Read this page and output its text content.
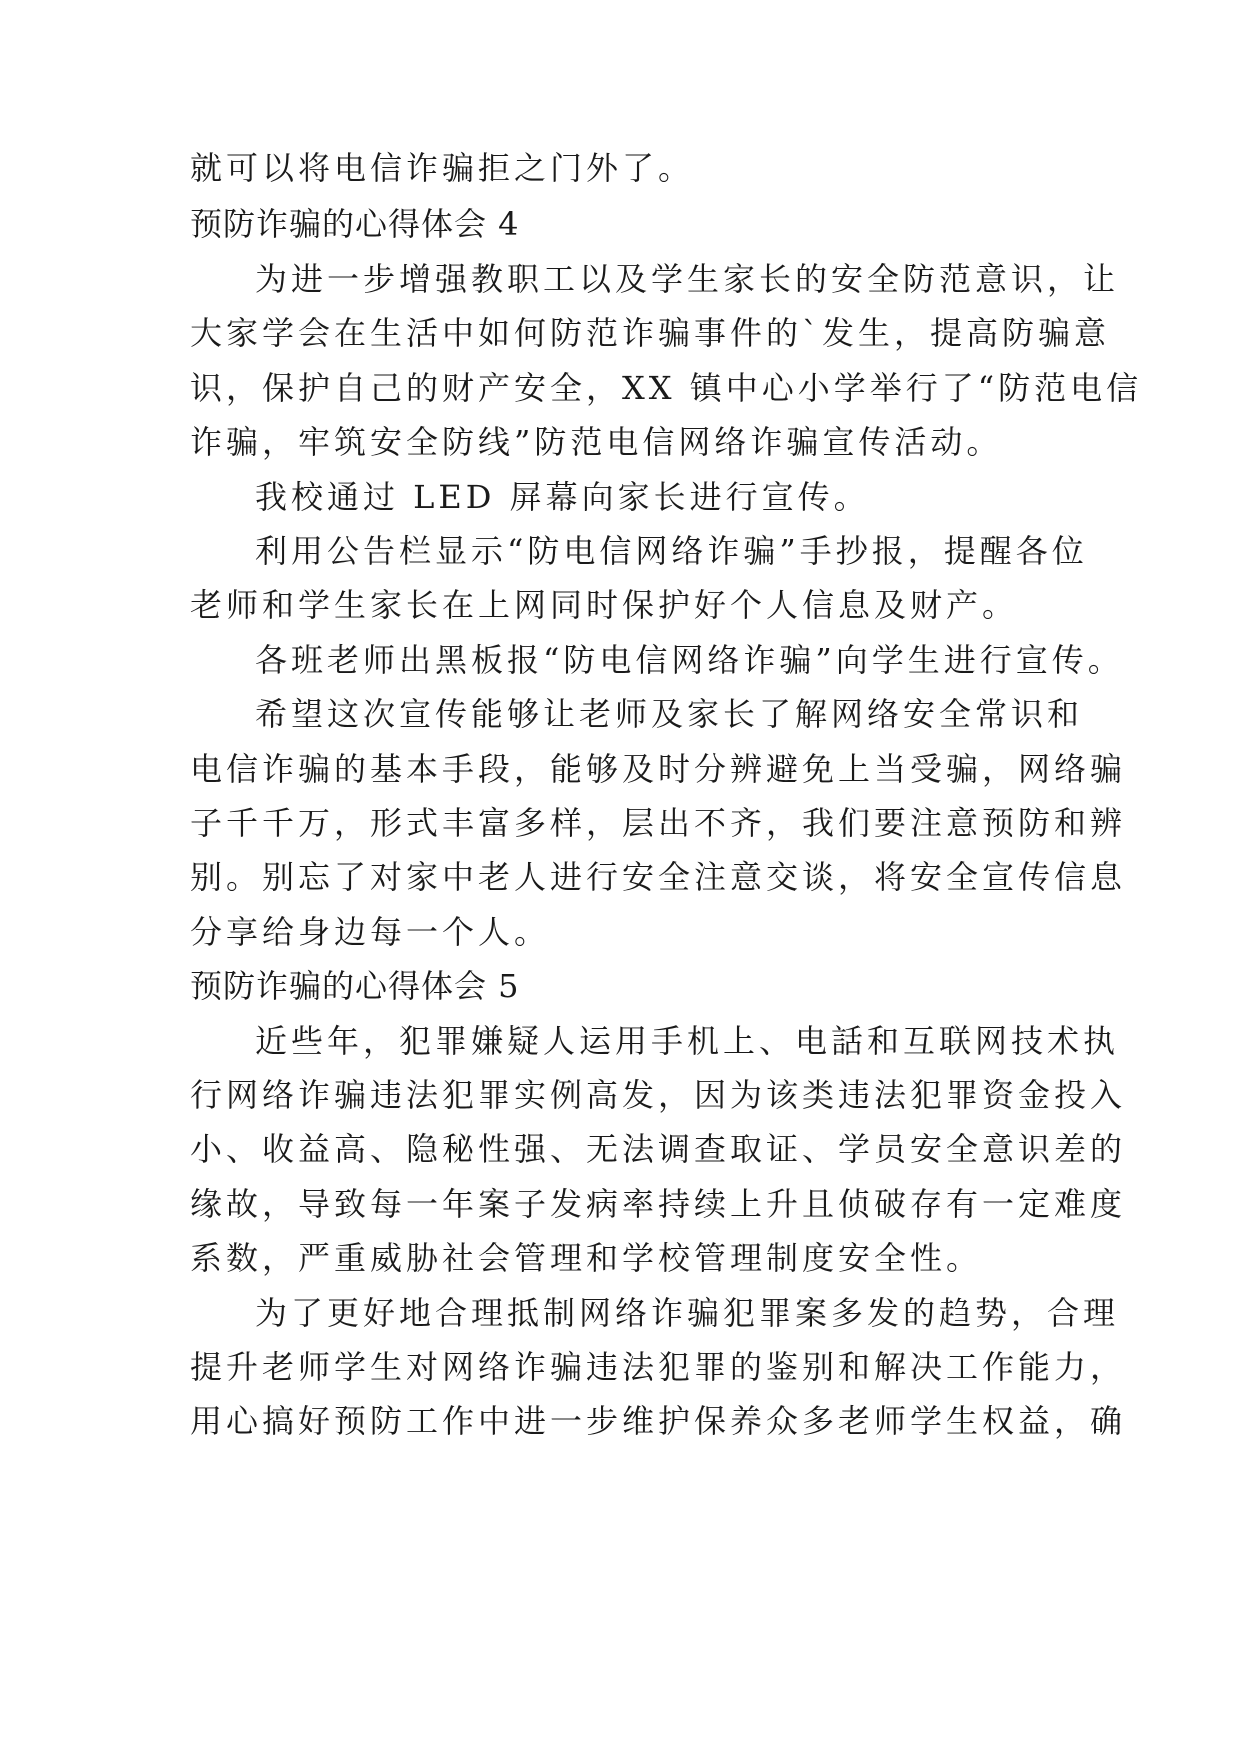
就可以将电信诈骗拒之门外了。
预防诈骗的心得体会 4
为进一步增强教职工以及学生家长的安全防范意识，让
大家学会在生活中如何防范诈骗事件的`发生，提高防骗意
识，保护自己的财产安全，XX 镇中心小学举行了“防范电信
诈骗，牢筑安全防线”防范电信网络诈骗宣传活动。
我校通过 LED 屏幕向家长进行宣传。
利用公告栏显示“防电信网络诈骗”手抄报，提醒各位
老师和学生家长在上网同时保护好个人信息及财产。
各班老师出黑板报“防电信网络诈骗”向学生进行宣传。
希望这次宣传能够让老师及家长了解网络安全常识和
电信诈骗的基本手段，能够及时分辨避免上当受骗，网络骗
子千千万，形式丰富多样，层出不齐，我们要注意预防和辨
别。别忘了对家中老人进行安全注意交谈，将安全宣传信息
分享给身边每一个人。
预防诈骗的心得体会 5
近些年，犯罪嫌疑人运用手机上、电話和互联网技术执
行网络诈骗违法犯罪实例高发，因为该类违法犯罪资金投入
小、收益高、隐秘性强、无法调查取证、学员安全意识差的
缘故，导致每一年案子发病率持续上升且侦破存有一定难度
系数，严重威胁社会管理和学校管理制度安全性。
为了更好地合理抵制网络诈骗犯罪案多发的趋势，合理
提升老师学生对网络诈骗违法犯罪的鉴别和解决工作能力，
用心搞好预防工作中进一步维护保养众多老师学生权益，确
